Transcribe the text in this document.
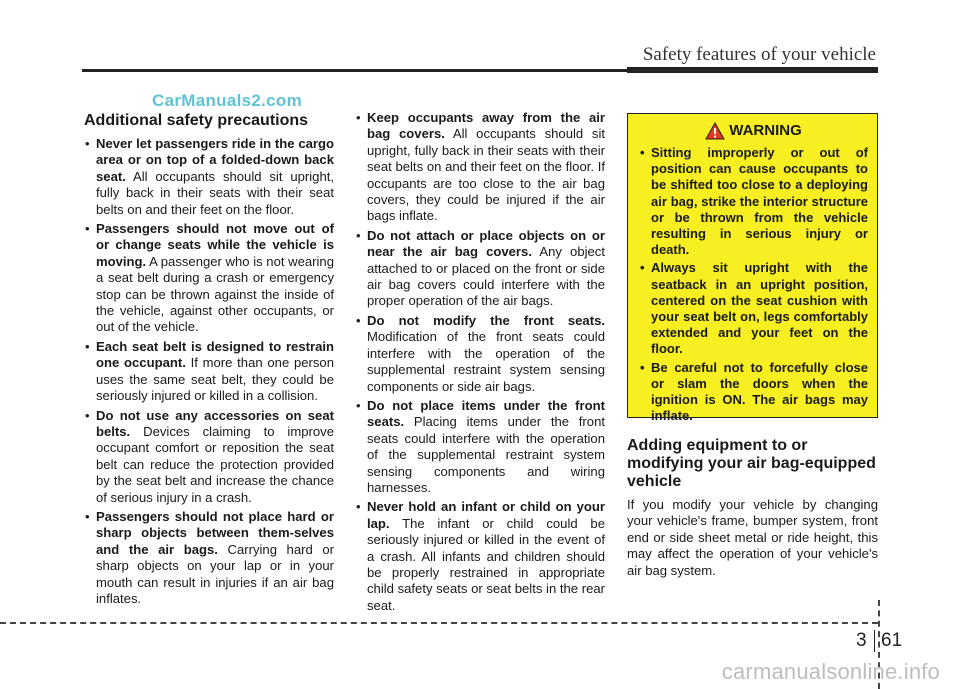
Safety features of your vehicle
CarManuals2.com
Additional safety precautions
• Never let passengers ride in the cargo area or on top of a folded-down back seat. All occupants should sit upright, fully back in their seats with their seat belts on and their feet on the floor.
• Passengers should not move out of or change seats while the vehicle is moving. A passenger who is not wearing a seat belt during a crash or emergency stop can be thrown against the inside of the vehicle, against other occupants, or out of the vehicle.
• Each seat belt is designed to restrain one occupant. If more than one person uses the same seat belt, they could be seriously injured or killed in a collision.
• Do not use any accessories on seat belts. Devices claiming to improve occupant comfort or reposition the seat belt can reduce the protection provided by the seat belt and increase the chance of serious injury in a crash.
• Passengers should not place hard or sharp objects between them-selves and the air bags. Carrying hard or sharp objects on your lap or in your mouth can result in injuries if an air bag inflates.
• Keep occupants away from the air bag covers. All occupants should sit upright, fully back in their seats with their seat belts on and their feet on the floor. If occupants are too close to the air bag covers, they could be injured if the air bags inflate.
• Do not attach or place objects on or near the air bag covers. Any object attached to or placed on the front or side air bag covers could interfere with the proper operation of the air bags.
• Do not modify the front seats. Modification of the front seats could interfere with the operation of the supplemental restraint system sensing components or side air bags.
• Do not place items under the front seats. Placing items under the front seats could interfere with the operation of the supplemental restraint system sensing components and wiring harnesses.
• Never hold an infant or child on your lap. The infant or child could be seriously injured or killed in the event of a crash. All infants and children should be properly restrained in appropriate child safety seats or seat belts in the rear seat.
WARNING
• Sitting improperly or out of position can cause occupants to be shifted too close to a deploying air bag, strike the interior structure or be thrown from the vehicle resulting in serious injury or death.
• Always sit upright with the seatback in an upright position, centered on the seat cushion with your seat belt on, legs comfortably extended and your feet on the floor.
• Be careful not to forcefully close or slam the doors when the ignition is ON. The air bags may inflate.
Adding equipment to or modifying your air bag-equipped vehicle

If you modify your vehicle by changing your vehicle's frame, bumper system, front end or side sheet metal or ride height, this may affect the operation of your vehicle's air bag system.

3 61
carmanualsonline.info
